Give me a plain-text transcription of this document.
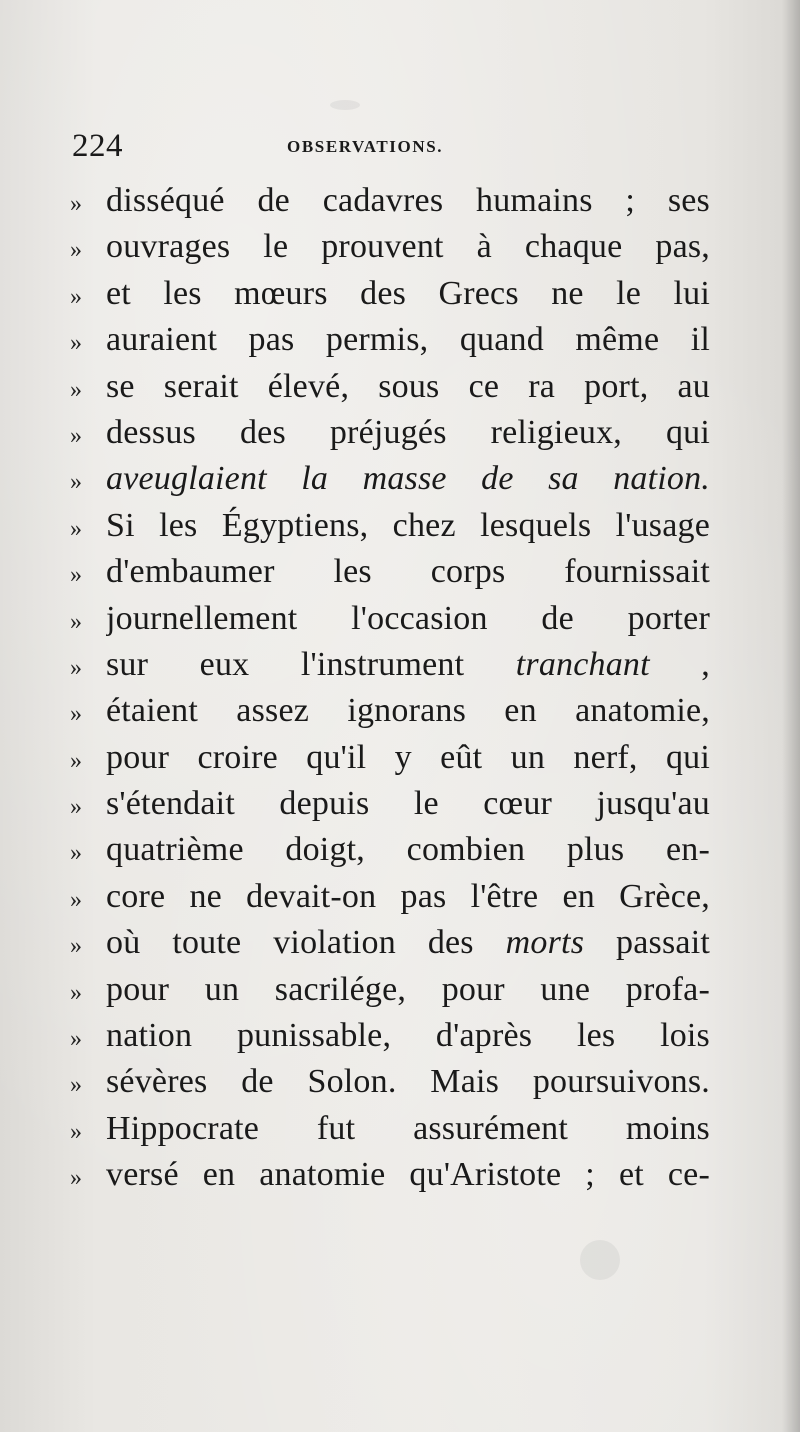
224	OBSERVATIONS.
» disséqué de cadavres humains ; ses
» ouvrages le prouvent à chaque pas,
» et les mœurs des Grecs ne le lui
» auraient pas permis, quand même il
» se serait élevé, sous ce ra port, au
» dessus des préjugés religieux, qui
» aveuglaient la masse de sa nation.
» Si les Égyptiens, chez lesquels l'usage
» d'embaumer les corps fournissait
» journellement l'occasion de porter
» sur eux l'instrument tranchant ,
» étaient assez ignorans en anatomie,
» pour croire qu'il y eût un nerf, qui
» s'étendait depuis le cœur jusqu'au
» quatrième doigt, combien plus en-
» core ne devait-on pas l'être en Grèce,
» où toute violation des morts passait
» pour un sacrilége, pour une profa-
» nation punissable, d'après les lois
» sévères de Solon. Mais poursuivons.
» Hippocrate fut assurément moins
» versé en anatomie qu'Aristote ; et ce-
